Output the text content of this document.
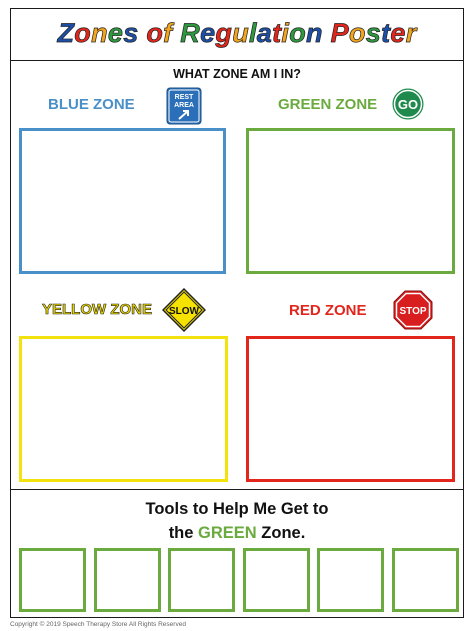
Zones of Regulation Poster
WHAT ZONE AM I IN?
BLUE ZONE	REST
AREA	GREEN ZONE GO
YELLOW ZONE SLOW	RED ZONE	STOP
Tools to Help Me Get to
the GREEN Zone.
Copyright © 2019 Speech Therapy Store All Rights Reserved
